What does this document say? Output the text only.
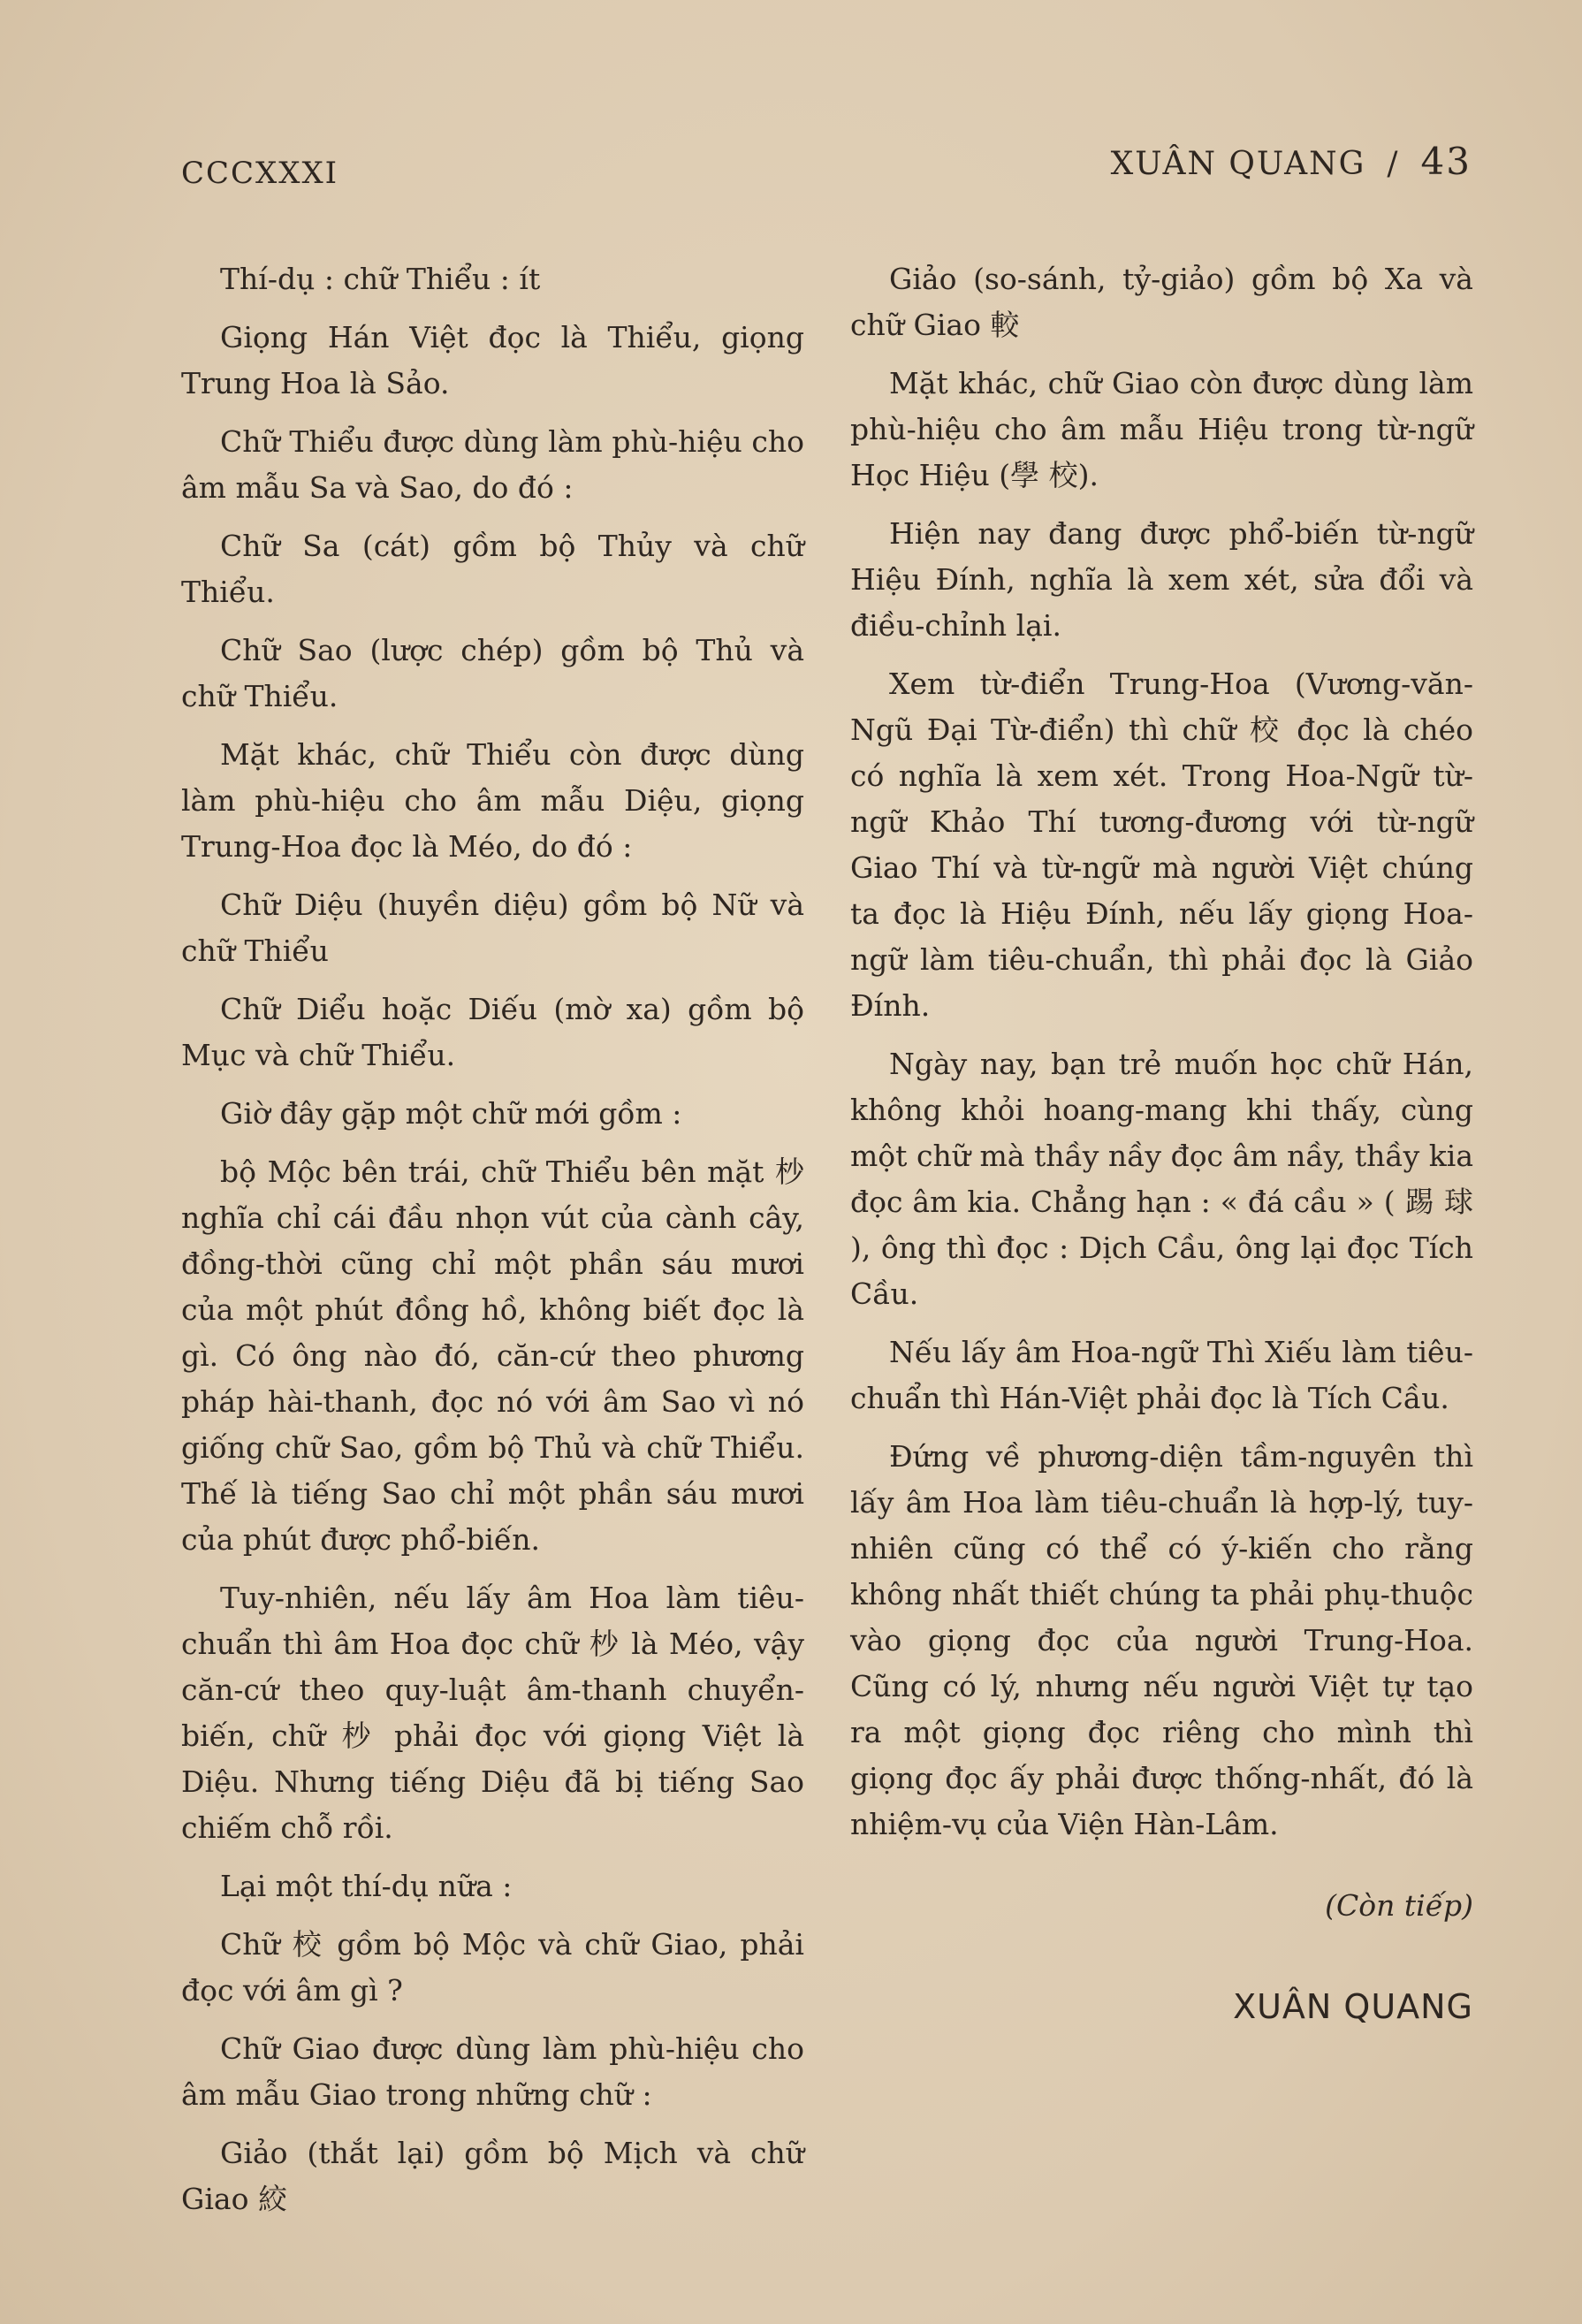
CCCXXXI	XUÂN QUANG / 43

Thí-dụ : chữ Thiểu : ít

Giọng Hán Việt đọc là Thiểu, giọng Trung Hoa là Sảo.

Chữ Thiểu được dùng làm phù-hiệu cho âm mẫu Sa và Sao, do đó :

Chữ Sa (cát) gồm bộ Thủy và chữ Thiểu.

Chữ Sao (lược chép) gồm bộ Thủ và chữ Thiểu.

Mặt khác, chữ Thiểu còn được dùng làm phù-hiệu cho âm mẫu Diệu, giọng Trung-Hoa đọc là Méo, do đó :

Chữ Diệu (huyền diệu) gồm bộ Nữ và chữ Thiểu

Chữ Diểu hoặc Diếu (mờ xa) gồm bộ Mục và chữ Thiểu.

Giờ đây gặp một chữ mới gồm :

bộ Mộc bên trái, chữ Thiểu bên mặt 杪 nghĩa chỉ cái đầu nhọn vút của cành cây, đồng-thời cũng chỉ một phần sáu mươi của một phút đồng hồ, không biết đọc là gì. Có ông nào đó, căn-cứ theo phương pháp hài-thanh, đọc nó với âm Sao vì nó giống chữ Sao, gồm bộ Thủ và chữ Thiểu. Thế là tiếng Sao chỉ một phần sáu mươi của phút được phổ-biến.

Tuy-nhiên, nếu lấy âm Hoa làm tiêu-chuẩn thì âm Hoa đọc chữ 杪 là Méo, vậy căn-cứ theo quy-luật âm-thanh chuyển-biến, chữ 杪 phải đọc với giọng Việt là Diệu. Nhưng tiếng Diệu đã bị tiếng Sao chiếm chỗ rồi.

Lại một thí-dụ nữa :

Chữ 校 gồm bộ Mộc và chữ Giao, phải đọc với âm gì ?

Chữ Giao được dùng làm phù-hiệu cho âm mẫu Giao trong những chữ :

Giảo (thắt lại) gồm bộ Mịch và chữ Giao 絞

Giảo (so-sánh, tỷ-giảo) gồm bộ Xa và chữ Giao 較

Mặt khác, chữ Giao còn được dùng làm phù-hiệu cho âm mẫu Hiệu trong từ-ngữ Học Hiệu (學 校).

Hiện nay đang được phổ-biến từ-ngữ Hiệu Đính, nghĩa là xem xét, sửa đổi và điều-chỉnh lại.

Xem từ-điển Trung-Hoa (Vương-văn-Ngũ Đại Từ-điển) thì chữ 校 đọc là chéo có nghĩa là xem xét. Trong Hoa-Ngữ từ-ngữ Khảo Thí tương-đương với từ-ngữ Giao Thí và từ-ngữ mà người Việt chúng ta đọc là Hiệu Đính, nếu lấy giọng Hoa-ngữ làm tiêu-chuẩn, thì phải đọc là Giảo Đính.

Ngày nay, bạn trẻ muốn học chữ Hán, không khỏi hoang-mang khi thấy, cùng một chữ mà thầy nầy đọc âm nầy, thầy kia đọc âm kia. Chẳng hạn : « đá cầu » ( 踢 球 ), ông thì đọc : Dịch Cầu, ông lại đọc Tích Cầu.

Nếu lấy âm Hoa-ngữ Thì Xiếu làm tiêu-chuẩn thì Hán-Việt phải đọc là Tích Cầu.

Đứng về phương-diện tầm-nguyên thì lấy âm Hoa làm tiêu-chuẩn là hợp-lý, tuy-nhiên cũng có thể có ý-kiến cho rằng không nhất thiết chúng ta phải phụ-thuộc vào giọng đọc của người Trung-Hoa. Cũng có lý, nhưng nếu người Việt tự tạo ra một giọng đọc riêng cho mình thì giọng đọc ấy phải được thống-nhất, đó là nhiệm-vụ của Viện Hàn-Lâm.

(Còn tiếp)

XUÂN QUANG
